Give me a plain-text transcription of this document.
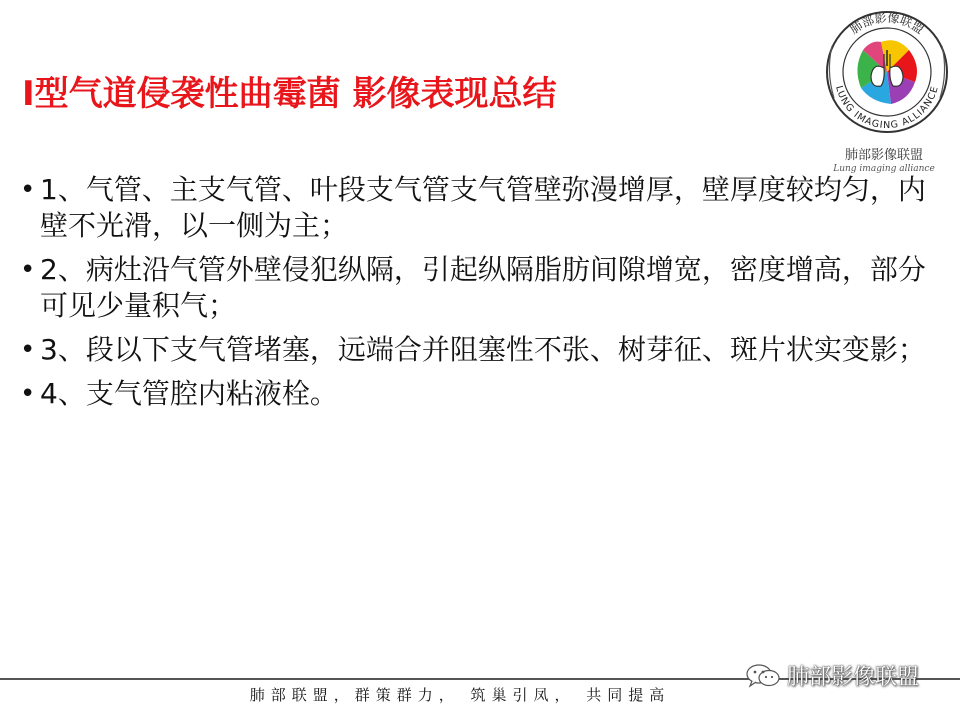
I型气道侵袭性曲霉菌 影像表现总结
肺部影像联盟
LUNG IMAGING ALLIANCE
肺部影像联盟
Lung imaging alliance
• 1、气管、主支气管、叶段支气管支气管壁弥漫增厚，壁厚度较均匀，内壁不光滑，以一侧为主；
• 2、病灶沿气管外壁侵犯纵隔，引起纵隔脂肪间隙增宽，密度增高，部分可见少量积气；
• 3、段以下支气管堵塞，远端合并阻塞性不张、树芽征、斑片状实变影；
• 4、支气管腔内粘液栓。
肺部联盟，群策群力， 筑巢引凤， 共同提高
肺部影像联盟
